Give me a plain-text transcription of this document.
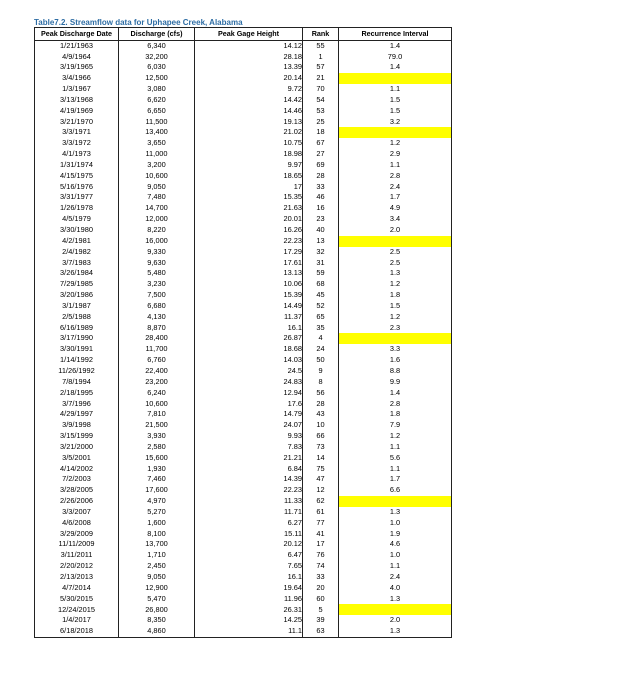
Table7.2. Streamflow data for Uphapee Creek, Alabama
Peak Discharge Date	Discharge (cfs)	Peak Gage Height	Rank	Recurrence Interval
1/21/1963	6,340	14.12	55	1.4
4/9/1964	32,200	28.18	1	79.0
3/19/1965	6,030	13.39	57	1.4
3/4/1966	12,500	20.14	21	
1/3/1967	3,080	9.72	70	1.1
3/13/1968	6,620	14.42	54	1.5
4/19/1969	6,650	14.46	53	1.5
3/21/1970	11,500	19.13	25	3.2
3/3/1971	13,400	21.02	18	
3/3/1972	3,650	10.75	67	1.2
4/1/1973	11,000	18.98	27	2.9
1/31/1974	3,200	9.97	69	1.1
4/15/1975	10,600	18.65	28	2.8
5/16/1976	9,050	17	33	2.4
3/31/1977	7,480	15.35	46	1.7
1/26/1978	14,700	21.63	16	4.9
4/5/1979	12,000	20.01	23	3.4
3/30/1980	8,220	16.26	40	2.0
4/2/1981	16,000	22.23	13	
2/4/1982	9,330	17.29	32	2.5
3/7/1983	9,630	17.61	31	2.5
3/26/1984	5,480	13.13	59	1.3
7/29/1985	3,230	10.06	68	1.2
3/20/1986	7,500	15.39	45	1.8
3/1/1987	6,680	14.49	52	1.5
2/5/1988	4,130	11.37	65	1.2
6/16/1989	8,870	16.1	35	2.3
3/17/1990	28,400	26.87	4	
3/30/1991	11,700	18.68	24	3.3
1/14/1992	6,760	14.03	50	1.6
11/26/1992	22,400	24.5	9	8.8
7/8/1994	23,200	24.83	8	9.9
2/18/1995	6,240	12.94	56	1.4
3/7/1996	10,600	17.6	28	2.8
4/29/1997	7,810	14.79	43	1.8
3/9/1998	21,500	24.07	10	7.9
3/15/1999	3,930	9.93	66	1.2
3/21/2000	2,580	7.83	73	1.1
3/5/2001	15,600	21.21	14	5.6
4/14/2002	1,930	6.84	75	1.1
7/2/2003	7,460	14.39	47	1.7
3/28/2005	17,600	22.23	12	6.6
2/26/2006	4,970	11.33	62	
3/3/2007	5,270	11.71	61	1.3
4/6/2008	1,600	6.27	77	1.0
3/29/2009	8,100	15.11	41	1.9
11/11/2009	13,700	20.12	17	4.6
3/11/2011	1,710	6.47	76	1.0
2/20/2012	2,450	7.65	74	1.1
2/13/2013	9,050	16.1	33	2.4
4/7/2014	12,900	19.64	20	4.0
5/30/2015	5,470	11.96	60	1.3
12/24/2015	26,800	26.31	5	
1/4/2017	8,350	14.25	39	2.0
6/18/2018	4,860	11.1	63	1.3
